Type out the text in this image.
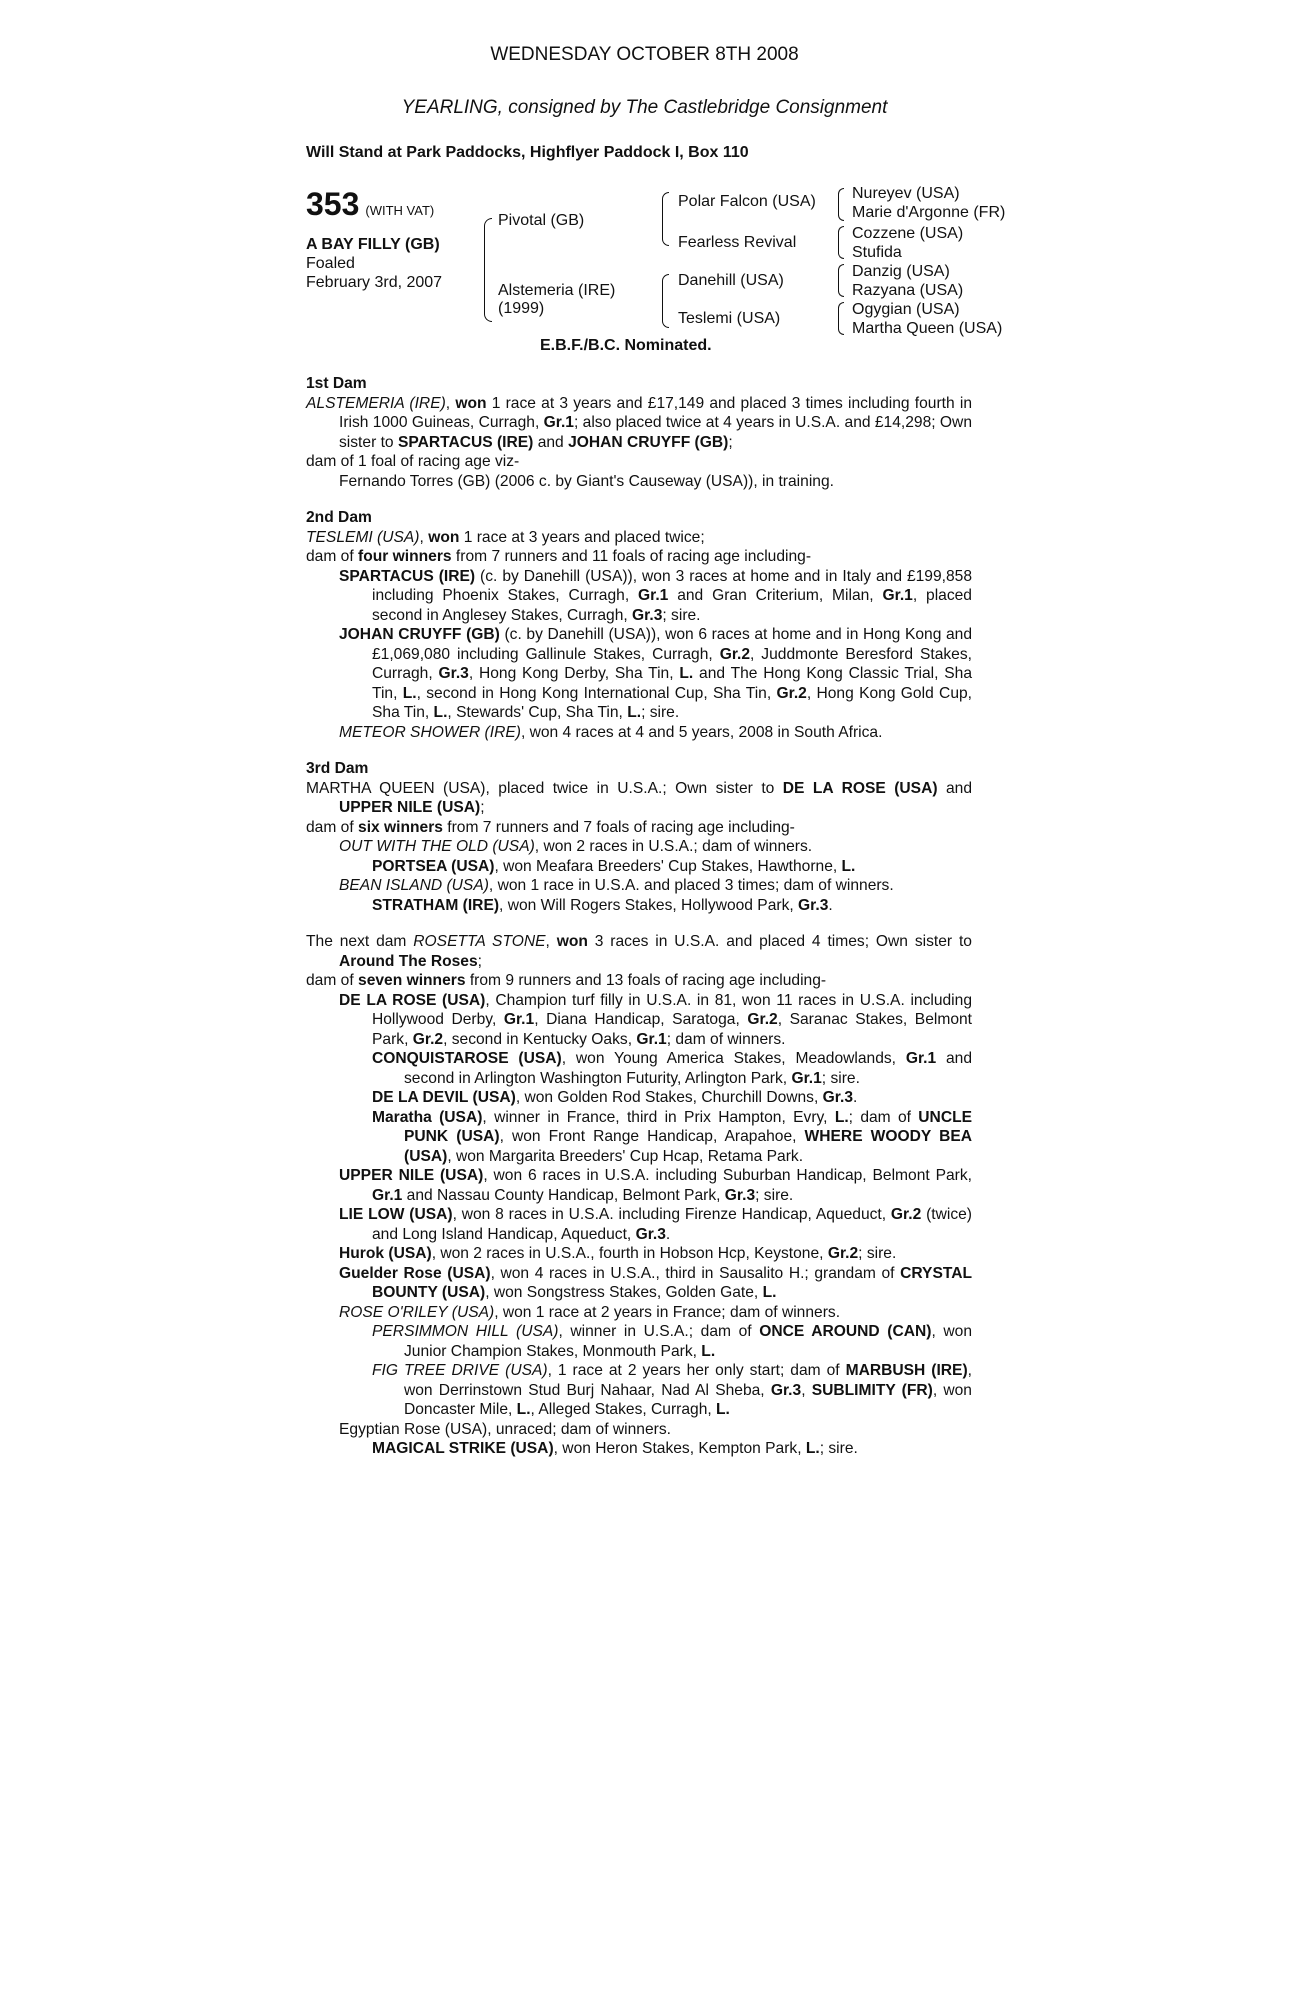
WEDNESDAY OCTOBER 8TH 2008
YEARLING, consigned by The Castlebridge Consignment
Will Stand at Park Paddocks, Highflyer Paddock I, Box 110
353 (WITH VAT)
A BAY FILLY (GB)
Foaled
February 3rd, 2007
Pivotal (GB)
Alstemeria (IRE)
(1999)
Polar Falcon (USA)
Fearless Revival
Danehill (USA)
Teslemi (USA)
Nureyev (USA)
Marie d'Argonne (FR)
Cozzene (USA)
Stufida
Danzig (USA)
Razyana (USA)
Ogygian (USA)
Martha Queen (USA)
E.B.F./B.C. Nominated.

1st Dam

ALSTEMERIA (IRE), won 1 race at 3 years and £17,149 and placed 3 times including fourth in Irish 1000 Guineas, Curragh, Gr.1; also placed twice at 4 years in U.S.A. and £14,298; Own sister to SPARTACUS (IRE) and JOHAN CRUYFF (GB);

dam of 1 foal of racing age viz-

Fernando Torres (GB) (2006 c. by Giant's Causeway (USA)), in training.

2nd Dam

TESLEMI (USA), won 1 race at 3 years and placed twice;

dam of four winners from 7 runners and 11 foals of racing age including-

SPARTACUS (IRE) (c. by Danehill (USA)), won 3 races at home and in Italy and £199,858 including Phoenix Stakes, Curragh, Gr.1 and Gran Criterium, Milan, Gr.1, placed second in Anglesey Stakes, Curragh, Gr.3; sire.

JOHAN CRUYFF (GB) (c. by Danehill (USA)), won 6 races at home and in Hong Kong and £1,069,080 including Gallinule Stakes, Curragh, Gr.2, Juddmonte Beresford Stakes, Curragh, Gr.3, Hong Kong Derby, Sha Tin, L. and The Hong Kong Classic Trial, Sha Tin, L., second in Hong Kong International Cup, Sha Tin, Gr.2, Hong Kong Gold Cup, Sha Tin, L., Stewards' Cup, Sha Tin, L.; sire.

METEOR SHOWER (IRE), won 4 races at 4 and 5 years, 2008 in South Africa.

3rd Dam

MARTHA QUEEN (USA), placed twice in U.S.A.; Own sister to DE LA ROSE (USA) and UPPER NILE (USA);

dam of six winners from 7 runners and 7 foals of racing age including-

OUT WITH THE OLD (USA), won 2 races in U.S.A.; dam of winners.

PORTSEA (USA), won Meafara Breeders' Cup Stakes, Hawthorne, L.

BEAN ISLAND (USA), won 1 race in U.S.A. and placed 3 times; dam of winners.

STRATHAM (IRE), won Will Rogers Stakes, Hollywood Park, Gr.3.

The next dam ROSETTA STONE, won 3 races in U.S.A. and placed 4 times; Own sister to Around The Roses;

dam of seven winners from 9 runners and 13 foals of racing age including-

DE LA ROSE (USA), Champion turf filly in U.S.A. in 81, won 11 races in U.S.A. including Hollywood Derby, Gr.1, Diana Handicap, Saratoga, Gr.2, Saranac Stakes, Belmont Park, Gr.2, second in Kentucky Oaks, Gr.1; dam of winners.

CONQUISTAROSE (USA), won Young America Stakes, Meadowlands, Gr.1 and second in Arlington Washington Futurity, Arlington Park, Gr.1; sire.

DE LA DEVIL (USA), won Golden Rod Stakes, Churchill Downs, Gr.3.

Maratha (USA), winner in France, third in Prix Hampton, Evry, L.; dam of UNCLE PUNK (USA), won Front Range Handicap, Arapahoe, WHERE WOODY BEA (USA), won Margarita Breeders' Cup Hcap, Retama Park.

UPPER NILE (USA), won 6 races in U.S.A. including Suburban Handicap, Belmont Park, Gr.1 and Nassau County Handicap, Belmont Park, Gr.3; sire.

LIE LOW (USA), won 8 races in U.S.A. including Firenze Handicap, Aqueduct, Gr.2 (twice) and Long Island Handicap, Aqueduct, Gr.3.

Hurok (USA), won 2 races in U.S.A., fourth in Hobson Hcp, Keystone, Gr.2; sire.

Guelder Rose (USA), won 4 races in U.S.A., third in Sausalito H.; grandam of CRYSTAL BOUNTY (USA), won Songstress Stakes, Golden Gate, L.

ROSE O'RILEY (USA), won 1 race at 2 years in France; dam of winners.

PERSIMMON HILL (USA), winner in U.S.A.; dam of ONCE AROUND (CAN), won Junior Champion Stakes, Monmouth Park, L.

FIG TREE DRIVE (USA), 1 race at 2 years her only start; dam of MARBUSH (IRE), won Derrinstown Stud Burj Nahaar, Nad Al Sheba, Gr.3, SUBLIMITY (FR), won Doncaster Mile, L., Alleged Stakes, Curragh, L.

Egyptian Rose (USA), unraced; dam of winners.

MAGICAL STRIKE (USA), won Heron Stakes, Kempton Park, L.; sire.
